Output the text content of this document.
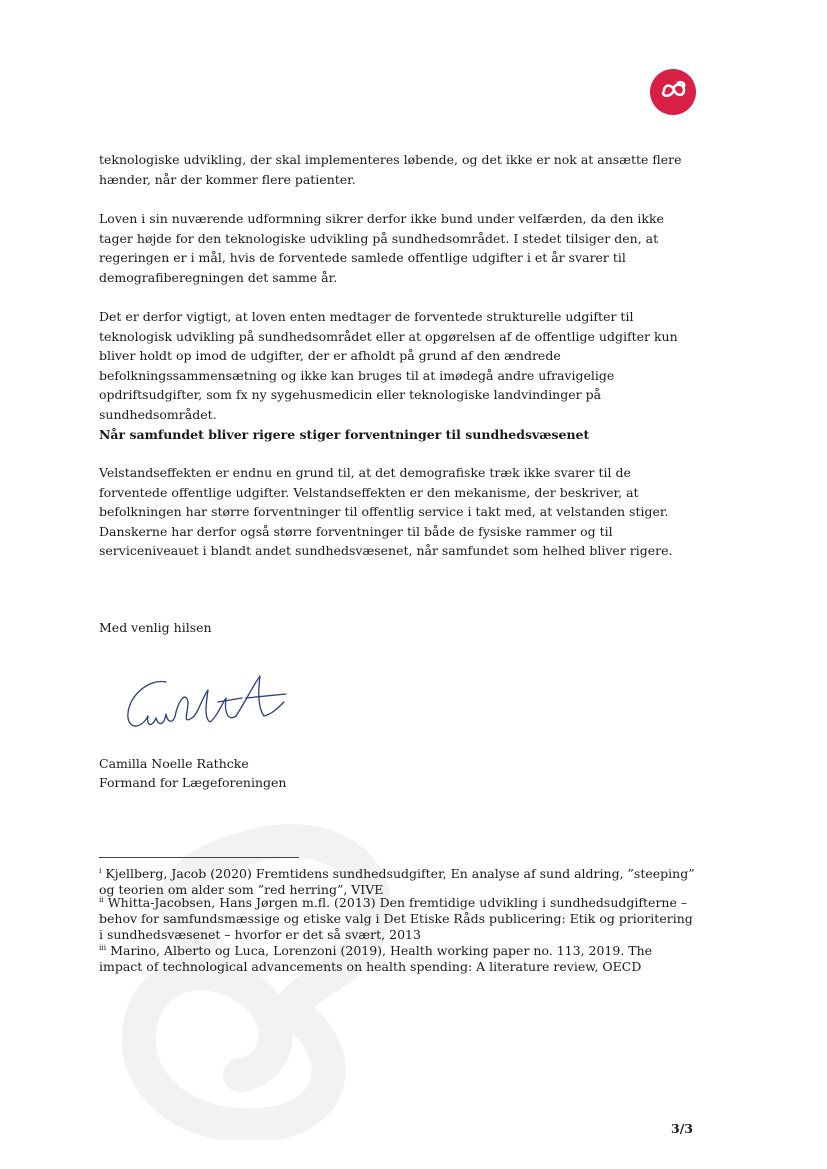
teknologiske udvikling, der skal implementeres løbende, og det ikke er nok at ansætte flere hænder, når der kommer flere patienter.

Loven i sin nuværende udformning sikrer derfor ikke bund under velfærden, da den ikke tager højde for den teknologiske udvikling på sundhedsområdet. I stedet tilsiger den, at regeringen er i mål, hvis de forventede samlede offentlige udgifter i et år svarer til demografiberegningen det samme år.

Det er derfor vigtigt, at loven enten medtager de forventede strukturelle udgifter til teknologisk udvikling på sundhedsområdet eller at opgørelsen af de offentlige udgifter kun bliver holdt op imod de udgifter, der er afholdt på grund af den ændrede befolkningssammensætning og ikke kan bruges til at imødegå andre ufravigelige opdriftsudgifter, som fx ny sygehusmedicin eller teknologiske landvindinger på sundhedsområdet.

Når samfundet bliver rigere stiger forventninger til sundhedsvæsenet

Velstandseffekten er endnu en grund til, at det demografiske træk ikke svarer til de forventede offentlige udgifter. Velstandseffekten er den mekanisme, der beskriver, at befolkningen har større forventninger til offentlig service i takt med, at velstanden stiger. Danskerne har derfor også større forventninger til både de fysiske rammer og til serviceniveauet i blandt andet sundhedsvæsenet, når samfundet som helhed bliver rigere.

Med venlig hilsen

Camilla Noelle Rathcke

Formand for Lægeforeningen

$^i$ Kjellberg, Jacob (2020) Fremtidens sundhedsudgifter, En analyse af sund aldring, ”steeping” og teorien om alder som ”red herring”, VIVE

$^{ii}$ Whitta-Jacobsen, Hans Jørgen m.fl. (2013) Den fremtidige udvikling i sundhedsudgifterne – behov for samfundsmæssige og etiske valg i Det Etiske Råds publicering: Etik og prioritering i sundhedsvæsenet – hvorfor er det så svært, 2013

$^{iii}$ Marino, Alberto og Luca, Lorenzoni (2019), Health working paper no. 113, 2019. The impact of technological advancements on health spending: A literature review, OECD

3/3
